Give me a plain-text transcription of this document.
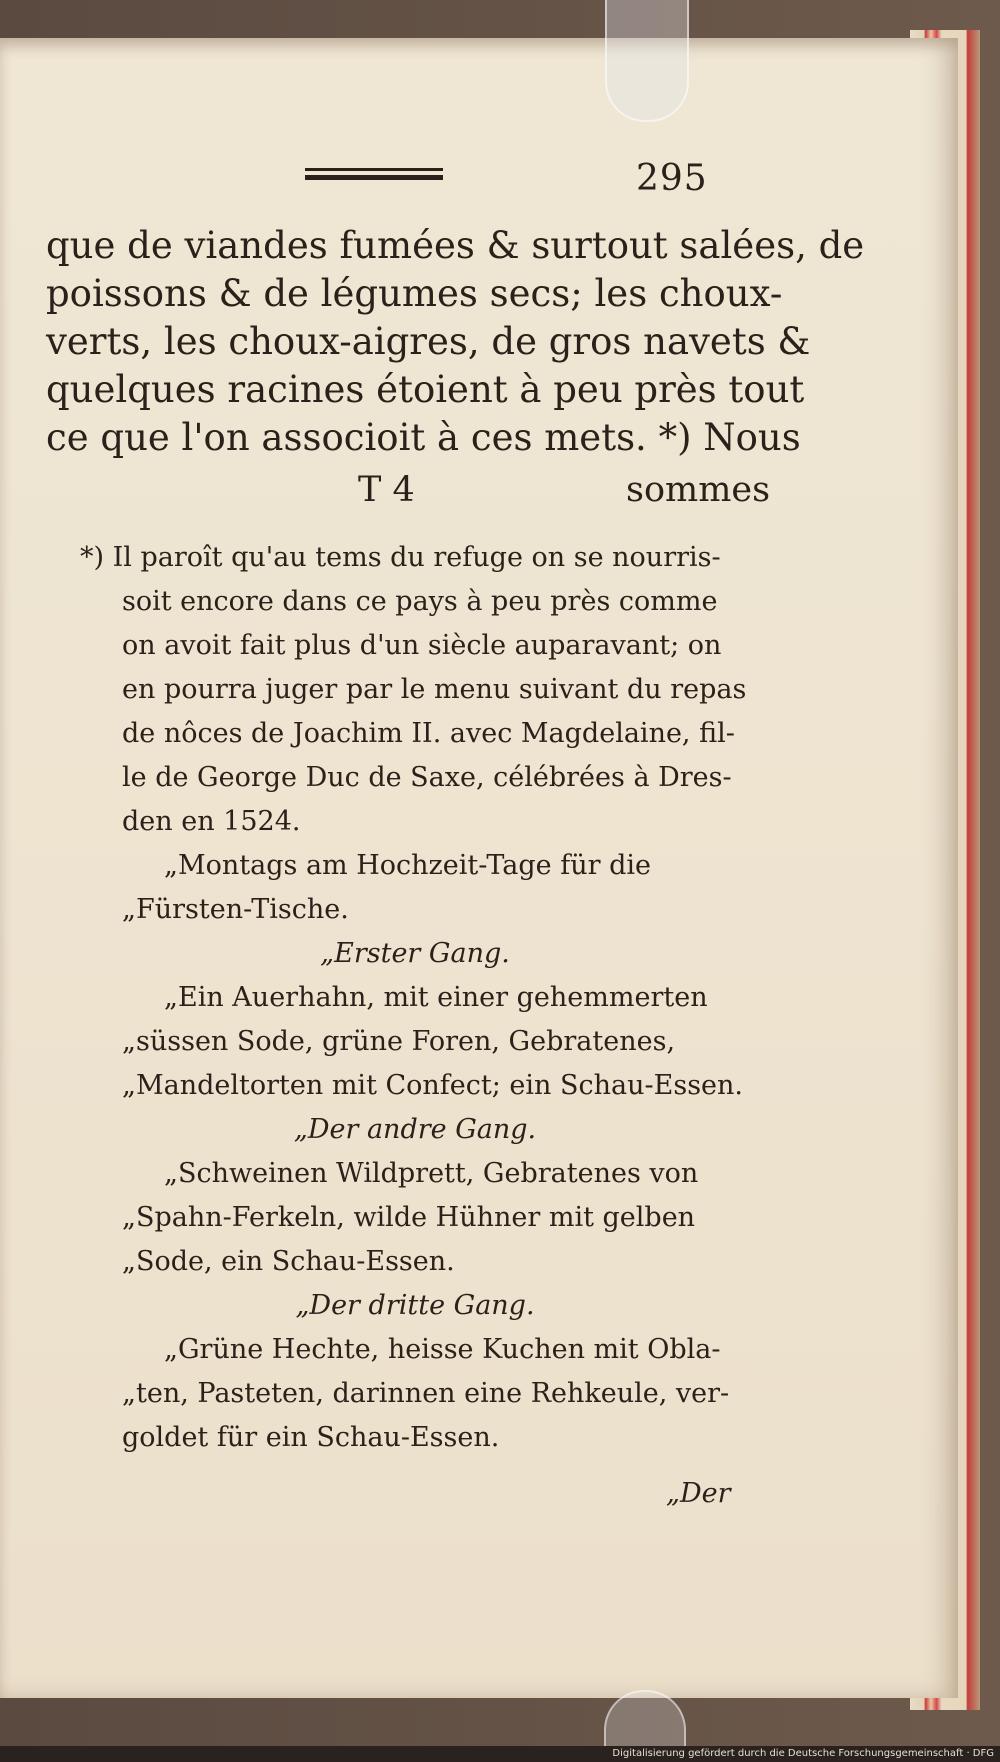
295
que de viandes fumées & surtout salées, de
poissons & de légumes secs; les choux-
verts, les choux-aigres, de gros navets &
quelques racines étoient à peu près tout
ce que l'on associoit à ces mets. *) Nous
T 4	sommes
*) Il paroît qu'au tems du refuge on se nourris-
soit encore dans ce pays à peu près comme
on avoit fait plus d'un siècle auparavant; on
en pourra juger par le menu suivant du repas
de nôces de Joachim II. avec Magdelaine, fil-
le de George Duc de Saxe, célébrées à Dres-
den en 1524.
„Montags am Hochzeit-Tage für die
„Fürsten-Tische.
„Erster Gang.
„Ein Auerhahn, mit einer gehemmerten
„süssen Sode, grüne Foren, Gebratenes,
„Mandeltorten mit Confect; ein Schau-Essen.
„Der andre Gang.
„Schweinen Wildprett, Gebratenes von
„Spahn-Ferkeln, wilde Hühner mit gelben
„Sode, ein Schau-Essen.
„Der dritte Gang.
„Grüne Hechte, heisse Kuchen mit Obla-
„ten, Pasteten, darinnen eine Rehkeule, ver-
goldet für ein Schau-Essen.
„Der
Digitalisierung gefördert durch die Deutsche Forschungsgemeinschaft · DFG
